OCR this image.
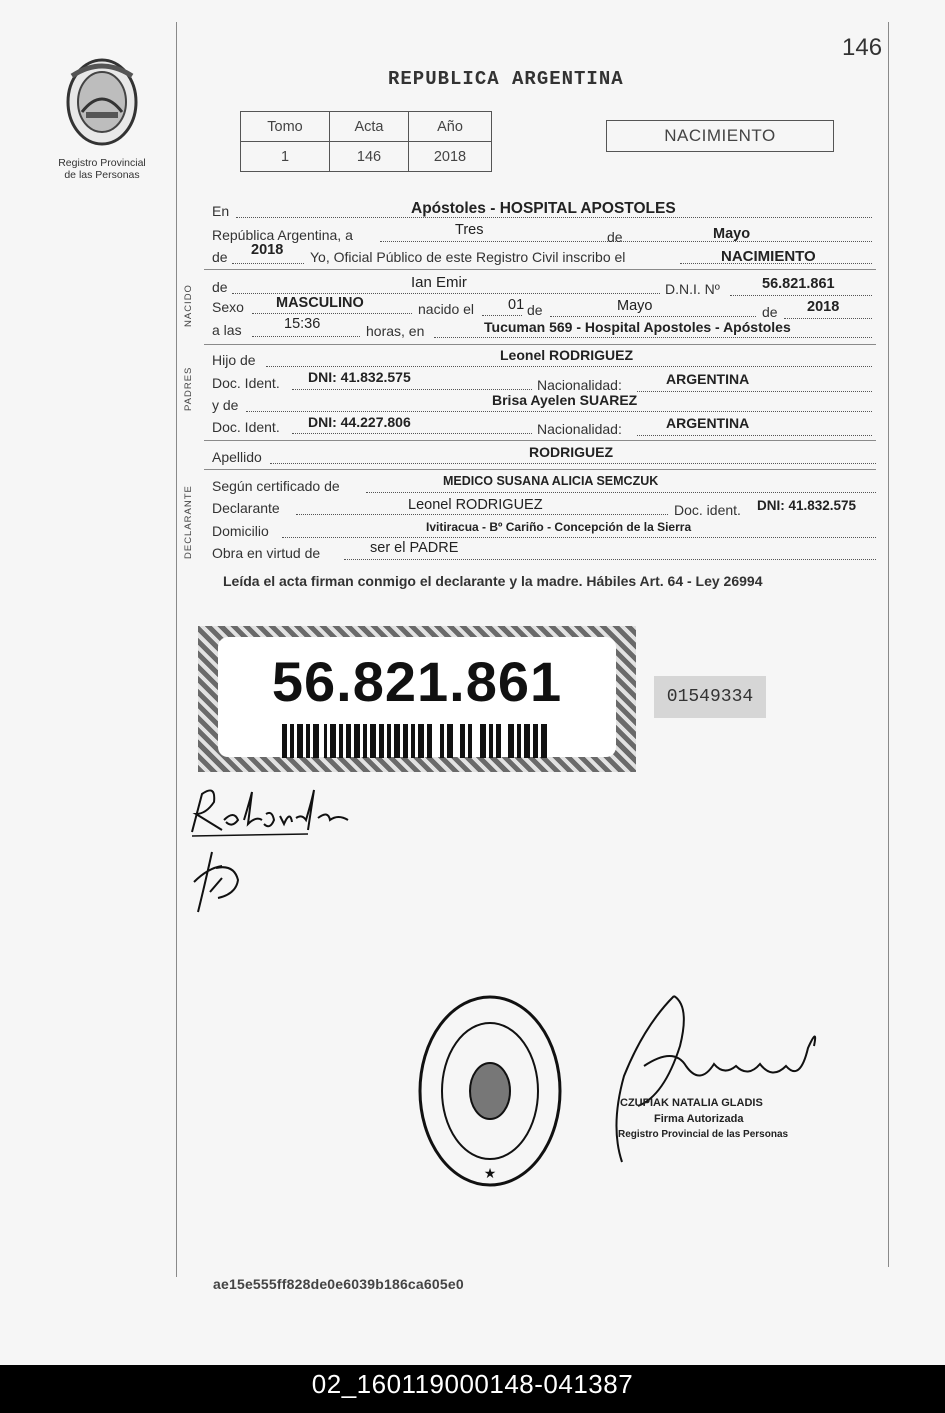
146
Registro Provincial
de las Personas
REPUBLICA ARGENTINA
Tomo	Acta	Año
1	146	2018
NACIMIENTO
En	Apóstoles - HOSPITAL APOSTOLES
República Argentina, a	Tres	de	Mayo
de 2018 Yo, Oficial Público de este Registro Civil inscribo el	NACIMIENTO
NACIDO de	Ian Emir	D.N.I. Nº	56.821.861
Sexo MASCULINO	nacido el 01 de	Mayo	de 2018
a las	15:36	horas, en	Tucuman 569 - Hospital Apostoles - Apóstoles
PADRES
Hijo de	Leonel RODRIGUEZ
Doc. Ident. DNI: 41.832.575	Nacionalidad:	ARGENTINA
y de	Brisa Ayelen SUAREZ
Doc. Ident. DNI: 44.227.806	Nacionalidad:	ARGENTINA
Apellido	RODRIGUEZ
DECLARANTE Según certificado de	MEDICO SUSANA ALICIA SEMCZUK
Declarante	Leonel RODRIGUEZ	Doc. ident. DNI: 41.832.575
Domicilio	Ivitiracua - Bº Cariño - Concepción de la Sierra
Obra en virtud de	ser el PADRE
Leída el acta firman conmigo el declarante y la madre. Hábiles Art. 64 - Ley 26994
56.821.861	01549334
★
CZUPIAK NATALIA GLADIS
Firma Autorizada
Registro Provincial de las Personas
ae15e555ff828de0e6039b186ca605e0
02_160119000148-041387
